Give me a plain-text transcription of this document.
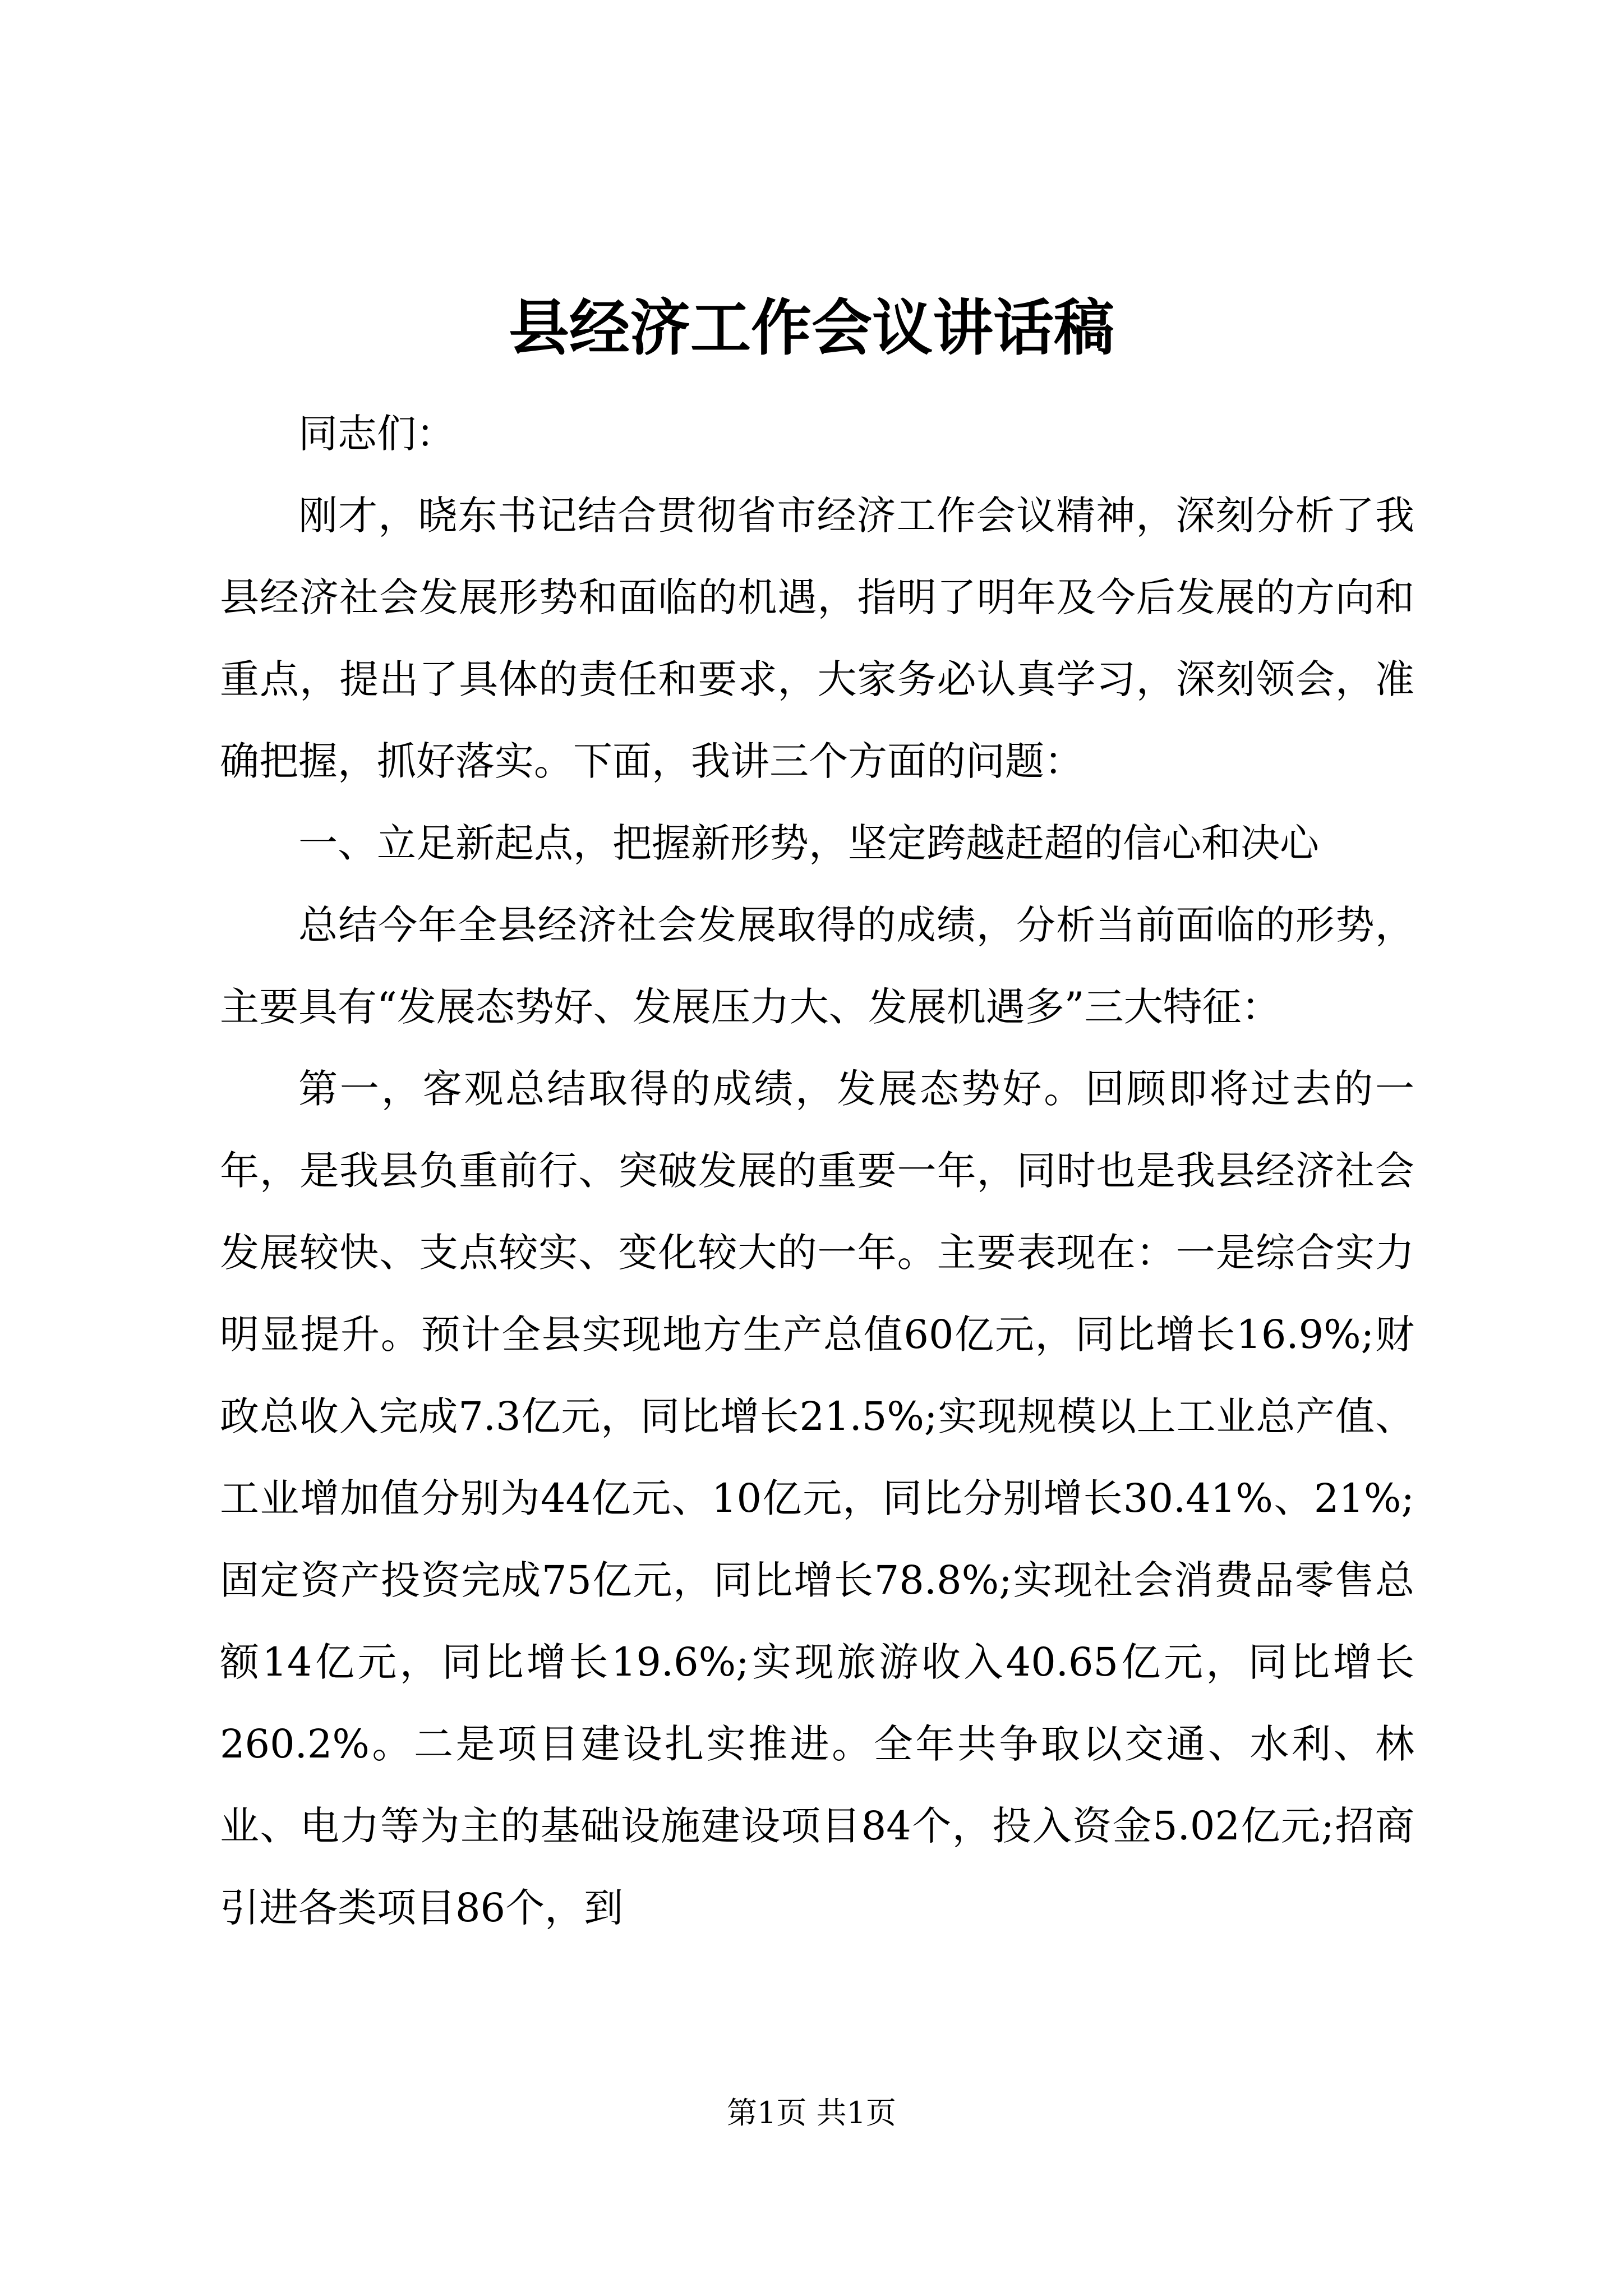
县经济工作会议讲话稿

同志们：

刚才，晓东书记结合贯彻省市经济工作会议精神，深刻分析了我县经济社会发展形势和面临的机遇，指明了明年及今后发展的方向和重点，提出了具体的责任和要求，大家务必认真学习，深刻领会，准确把握，抓好落实。下面，我讲三个方面的问题：

一、立足新起点，把握新形势，坚定跨越赶超的信心和决心

总结今年全县经济社会发展取得的成绩，分析当前面临的形势，主要具有“发展态势好、发展压力大、发展机遇多”三大特征：

第一，客观总结取得的成绩，发展态势好。回顾即将过去的一年，是我县负重前行、突破发展的重要一年，同时也是我县经济社会发展较快、支点较实、变化较大的一年。主要表现在：一是综合实力明显提升。预计全县实现地方生产总值60亿元，同比增长16.9%;财政总收入完成7.3亿元，同比增长21.5%;实现规模以上工业总产值、工业增加值分别为44亿元、10亿元，同比分别增长30.41%、21%;固定资产投资完成75亿元，同比增长78.8%;实现社会消费品零售总额14亿元，同比增长19.6%;实现旅游收入40.65亿元，同比增长260.2%。二是项目建设扎实推进。全年共争取以交通、水利、林业、电力等为主的基础设施建设项目84个，投入资金5.02亿元;招商引进各类项目86个，到

第1页 共1页
